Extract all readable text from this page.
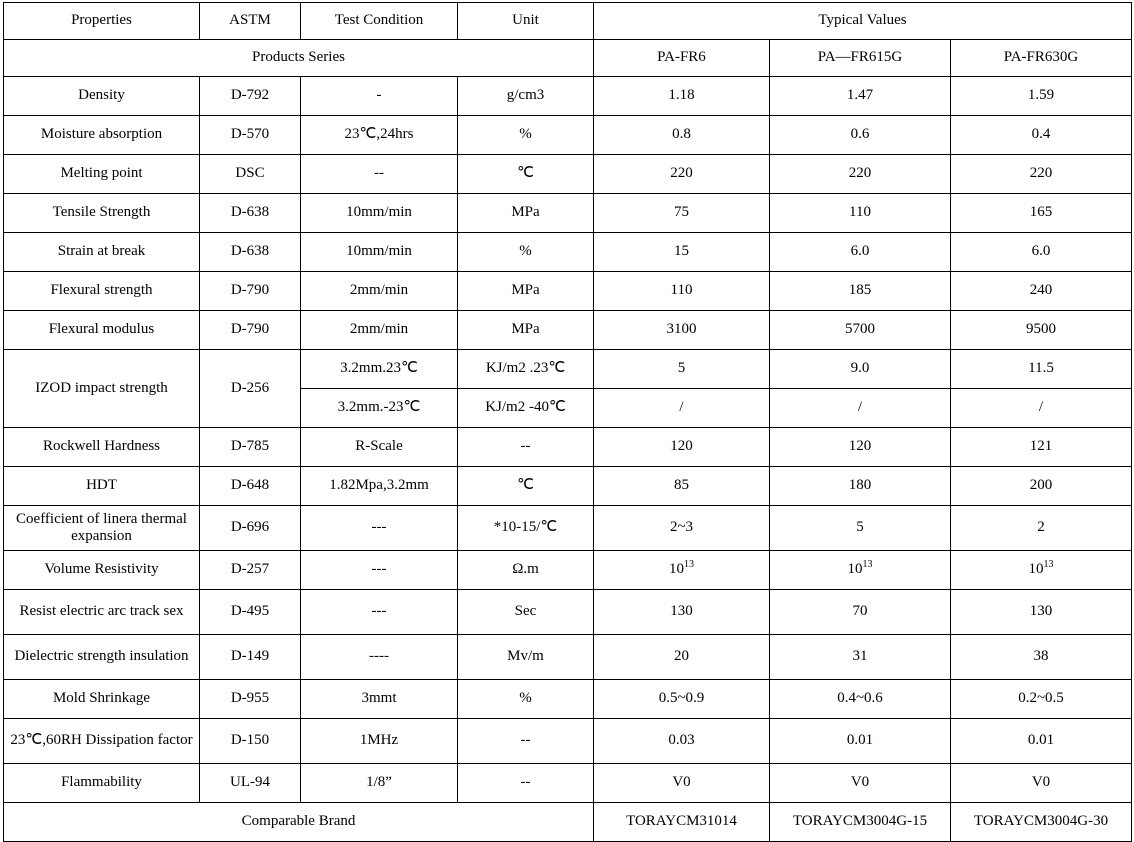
Properties	ASTM	Test Condition	Unit	Typical Values		
Products Series				PA-FR6	PA—FR615G	PA-FR630G
Density	D-792	-	g/cm3	1.18	1.47	1.59
Moisture absorption	D-570	23℃,24hrs	%	0.8	0.6	0.4
Melting point	DSC	--	℃	220	220	220
Tensile Strength	D-638	10mm/min	MPa	75	110	165
Strain at break	D-638	10mm/min	%	15	6.0	6.0
Flexural strength	D-790	2mm/min	MPa	110	185	240
Flexural modulus	D-790	2mm/min	MPa	3100	5700	9500
IZOD impact strength	D-256	3.2mm.23℃	KJ/m2 .23℃	5	9.0	11.5
		3.2mm.-23℃	KJ/m2 -40℃	/	/	/
Rockwell Hardness	D-785	R-Scale	--	120	120	121
HDT	D-648	1.82Mpa,3.2mm	℃	85	180	200
Coefficient of linera thermal expansion	D-696	---	*10-15/℃	2~3	5	2
Volume Resistivity	D-257	---	Ω.m	$10^{13}$	$10^{13}$	$10^{13}$
Resist electric arc track sex	D-495	---	Sec	130	70	130
Dielectric strength insulation	D-149	----	Mv/m	20	31	38
Mold Shrinkage	D-955	3mmt	%	0.5~0.9	0.4~0.6	0.2~0.5
23℃,60RH Dissipation factor	D-150	1MHz	--	0.03	0.01	0.01
Flammability	UL-94	1/8”	--	V0	V0	V0
Comparable Brand				TORAYCM31014	TORAYCM3004G-15	TORAYCM3004G-30
